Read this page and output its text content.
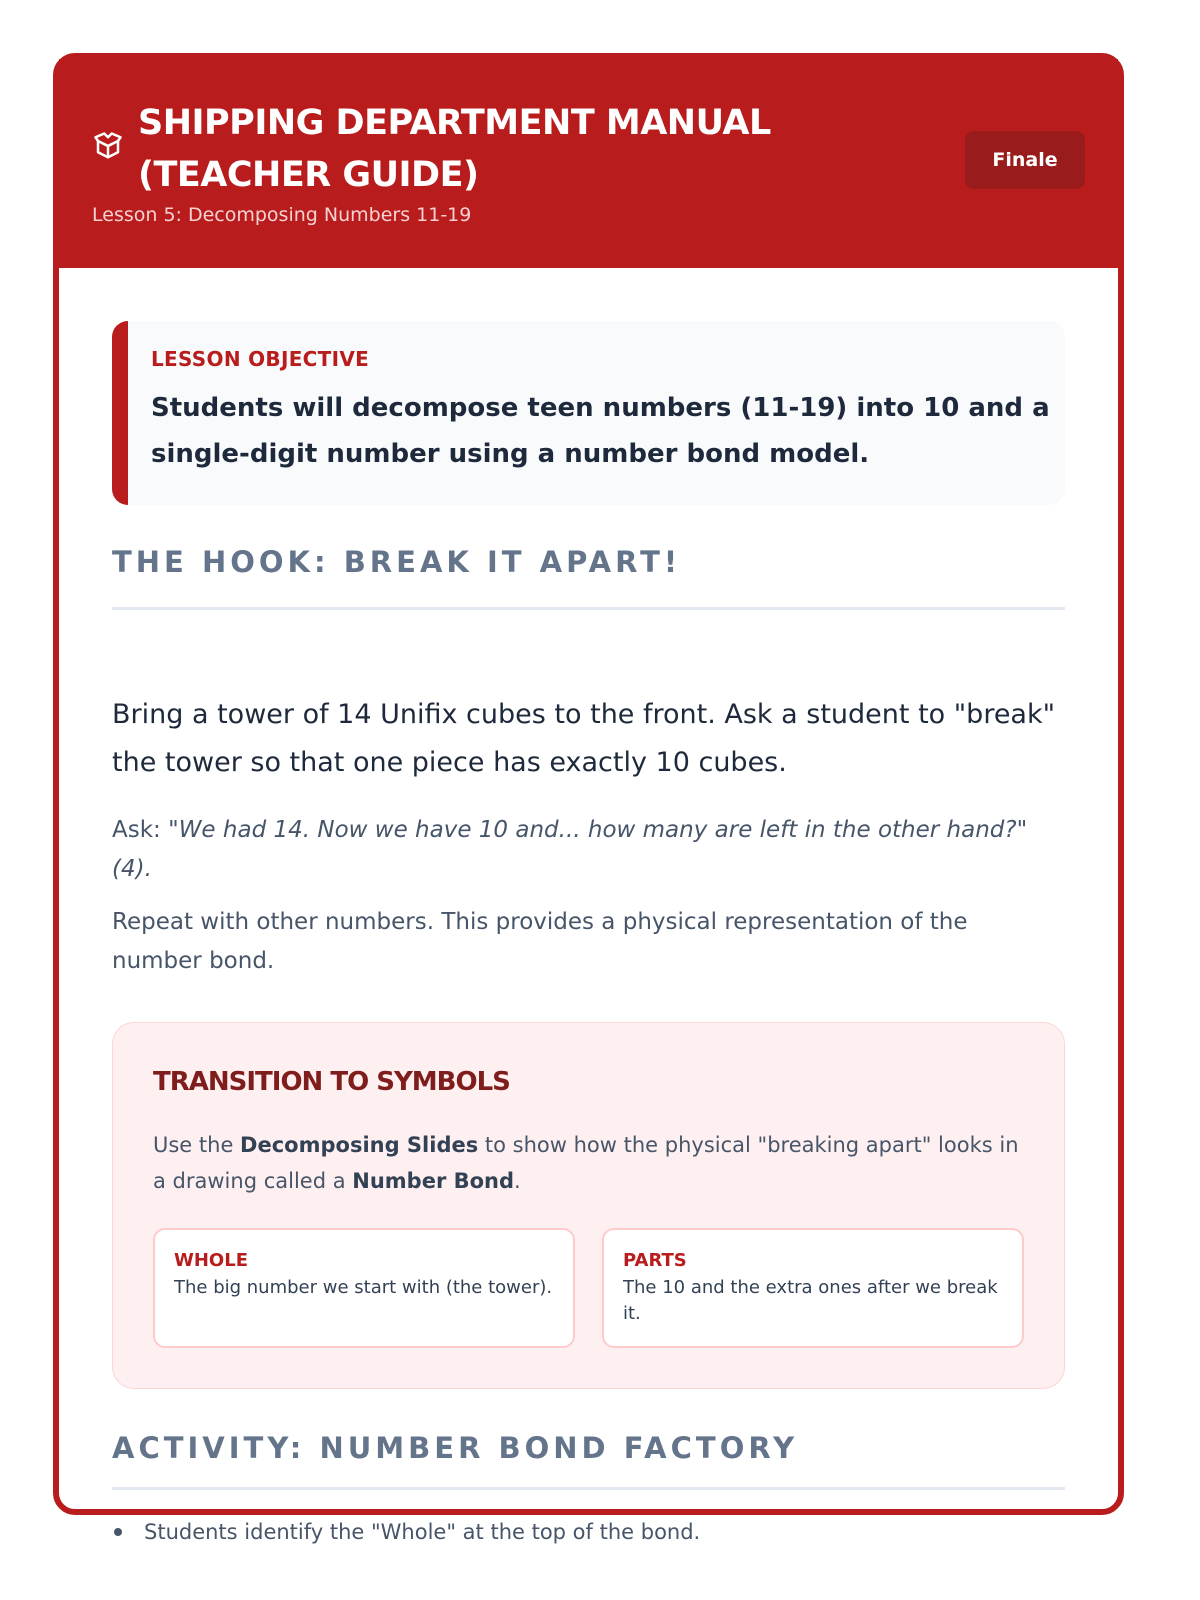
SHIPPING DEPARTMENT MANUAL (TEACHER GUIDE)
Lesson 5: Decomposing Numbers 11-19
Finale
LESSON OBJECTIVE
Students will decompose teen numbers (11-19) into 10 and a single-digit number using a number bond model.
THE HOOK: BREAK IT APART!
Bring a tower of 14 Unifix cubes to the front. Ask a student to "break" the tower so that one piece has exactly 10 cubes.
Ask: "We had 14. Now we have 10 and... how many are left in the other hand?" (4).
Repeat with other numbers. This provides a physical representation of the number bond.
TRANSITION TO SYMBOLS
Use the Decomposing Slides to show how the physical "breaking apart" looks in a drawing called a Number Bond.
WHOLE
The big number we start with (the tower).
PARTS
The 10 and the extra ones after we break it.
ACTIVITY: NUMBER BOND FACTORY
Students identify the "Whole" at the top of the bond.
